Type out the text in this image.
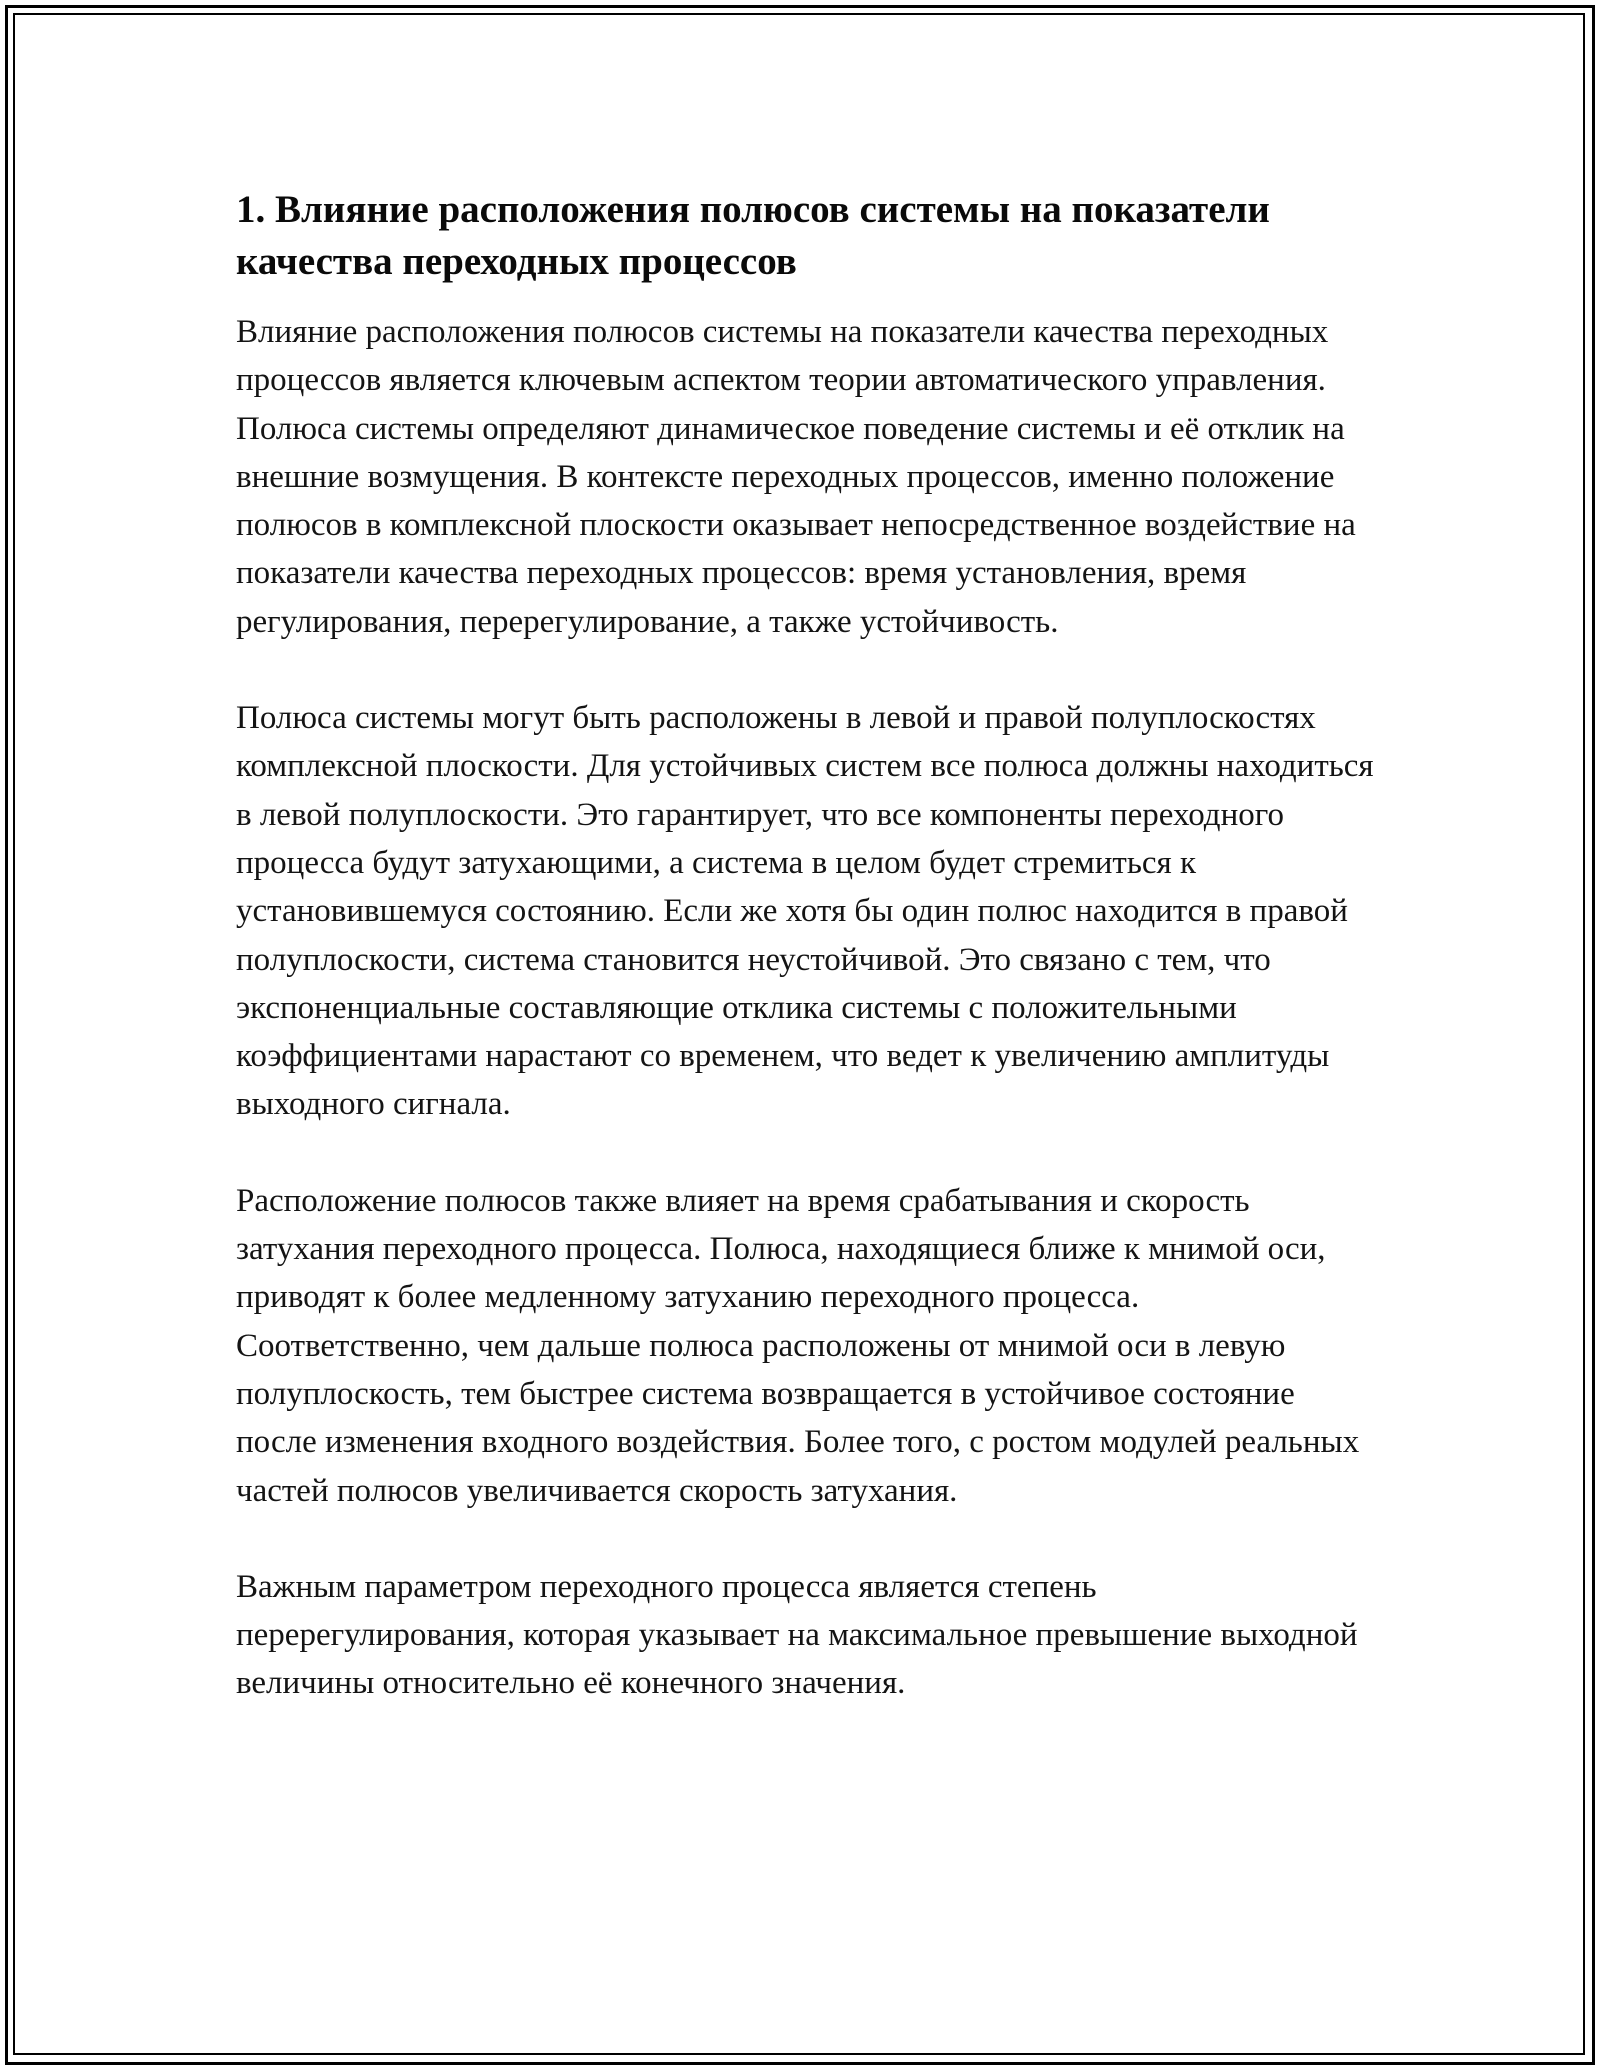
1. Влияние расположения полюсов системы на показатели качества переходных процессов

Влияние расположения полюсов системы на показатели качества переходных процессов является ключевым аспектом теории автоматического управления. Полюса системы определяют динамическое поведение системы и её отклик на внешние возмущения. В контексте переходных процессов, именно положение полюсов в комплексной плоскости оказывает непосредственное воздействие на показатели качества переходных процессов: время установления, время регулирования, перерегулирование, а также устойчивость.

Полюса системы могут быть расположены в левой и правой полуплоскостях комплексной плоскости. Для устойчивых систем все полюса должны находиться в левой полуплоскости. Это гарантирует, что все компоненты переходного процесса будут затухающими, а система в целом будет стремиться к установившемуся состоянию. Если же хотя бы один полюс находится в правой полуплоскости, система становится неустойчивой. Это связано с тем, что экспоненциальные составляющие отклика системы с положительными коэффициентами нарастают со временем, что ведет к увеличению амплитуды выходного сигнала.

Расположение полюсов также влияет на время срабатывания и скорость затухания переходного процесса. Полюса, находящиеся ближе к мнимой оси, приводят к более медленному затуханию переходного процесса. Соответственно, чем дальше полюса расположены от мнимой оси в левую полуплоскость, тем быстрее система возвращается в устойчивое состояние после изменения входного воздействия. Более того, с ростом модулей реальных частей полюсов увеличивается скорость затухания.

Важным параметром переходного процесса является степень перерегулирования, которая указывает на максимальное превышение выходной величины относительно её конечного значения.
